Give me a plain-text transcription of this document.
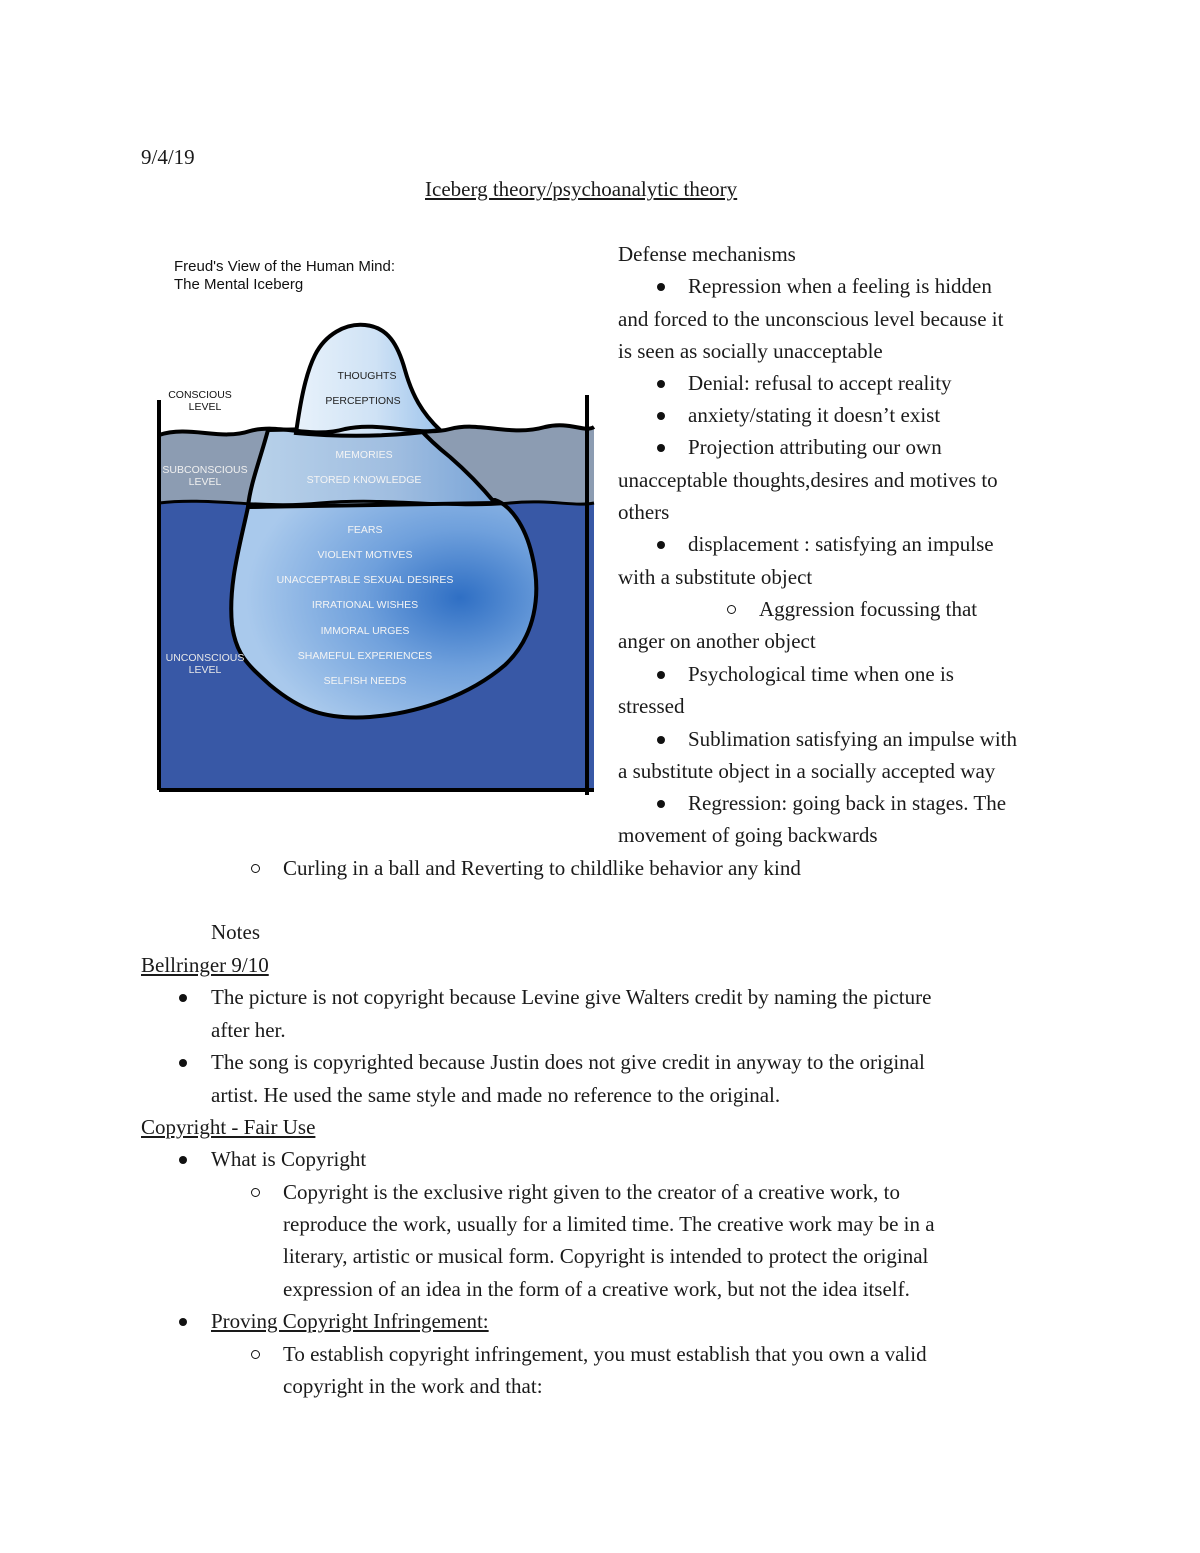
9/4/19
Iceberg theory/psychoanalytic theory
Freud's View of the Human Mind:
The Mental Iceberg
CONSCIOUS
LEVEL
SUBCONSCIOUS
LEVEL
UNCONSCIOUS
LEVEL
THOUGHTS
PERCEPTIONS
MEMORIES
STORED KNOWLEDGE
FEARS
VIOLENT MOTIVES
UNACCEPTABLE SEXUAL DESIRES
IRRATIONAL WISHES
IMMORAL URGES
SHAMEFUL EXPERIENCES
SELFISH NEEDS
Defense mechanisms
Repression when a feeling is hidden
and forced to the unconscious level because it
is seen as socially unacceptable
Denial: refusal to accept reality
anxiety/stating it doesn’t exist
Projection attributing our own
unacceptable thoughts,desires and motives to
others
displacement : satisfying an impulse
with a substitute object
Aggression focussing that
anger on another object
Psychological time when one is
stressed
Sublimation satisfying an impulse with
a substitute object in a socially accepted way
Regression: going back in stages. The
movement of going backwards
Curling in a ball and Reverting to childlike behavior any kind
Notes
Bellringer 9/10
The picture is not copyright because Levine give Walters credit by naming the picture
after her.
The song is copyrighted because Justin does not give credit in anyway to the original
artist. He used the same style and made no reference to the original.
Copyright - Fair Use
What is Copyright
Copyright is the exclusive right given to the creator of a creative work, to
reproduce the work, usually for a limited time. The creative work may be in a
literary, artistic or musical form. Copyright is intended to protect the original
expression of an idea in the form of a creative work, but not the idea itself.
Proving Copyright Infringement:
To establish copyright infringement, you must establish that you own a valid
copyright in the work and that:
